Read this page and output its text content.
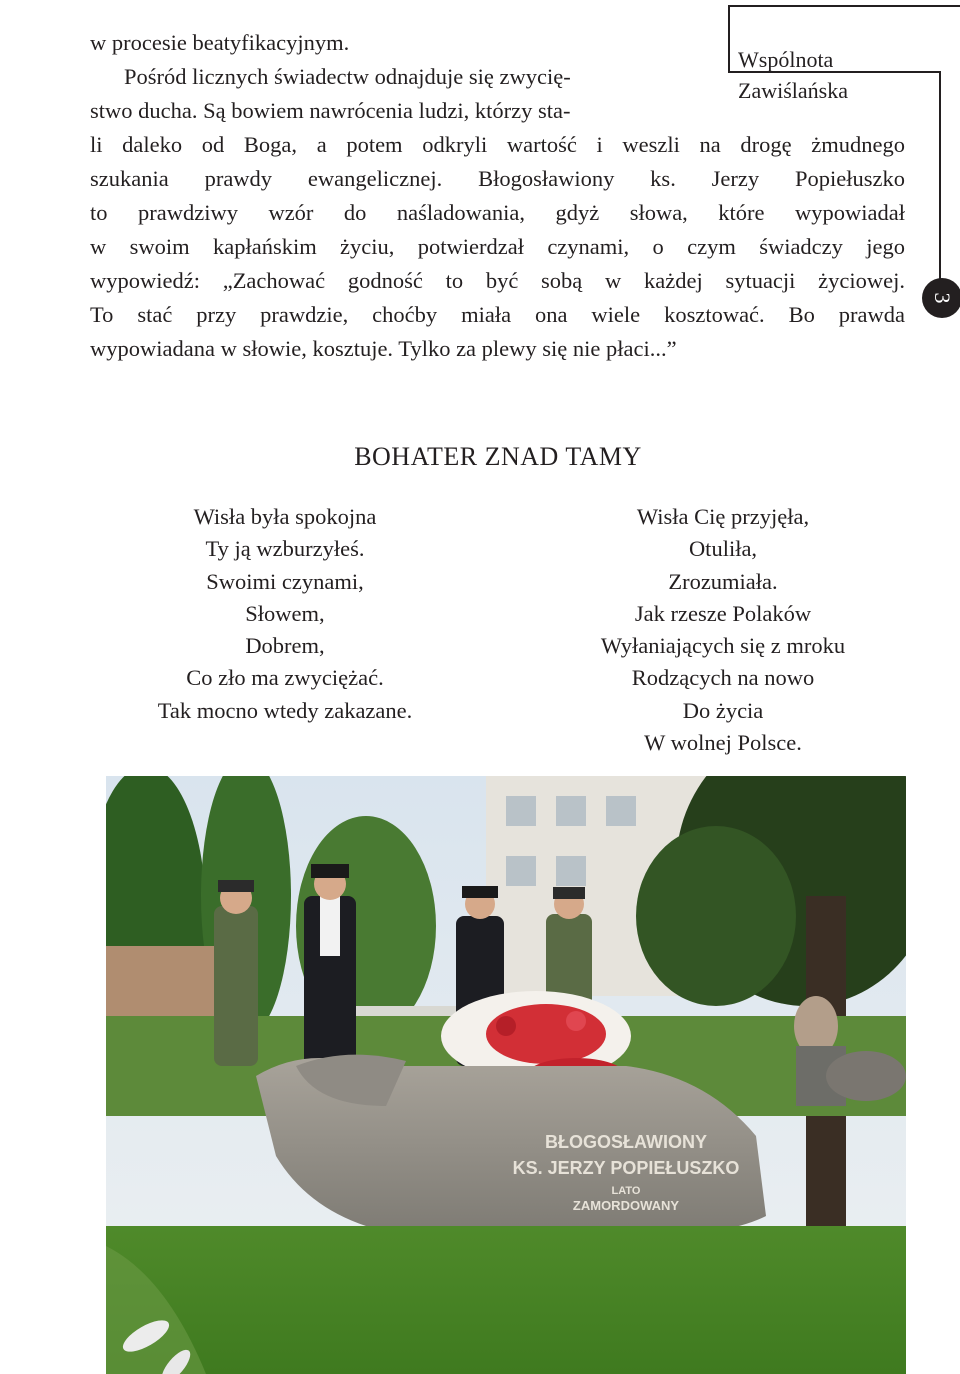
Wspólnota
Zawiślańska
3
w procesie beatyfikacyjnym.
Pośród licznych świadectw odnajduje się zwycię-
stwo ducha. Są bowiem nawrócenia ludzi, którzy sta-
li daleko od Boga, a potem odkryli wartość i weszli na drogę żmudnego
szukania prawdy ewangelicznej. Błogosławiony ks. Jerzy Popiełuszko
to prawdziwy wzór do naśladowania, gdyż słowa, które wypowiadał
w swoim kapłańskim życiu, potwierdzał czynami, o czym świadczy jego
wypowiedź: „Zachować godność to być sobą w każdej sytuacji życiowej.
To stać przy prawdzie, choćby miała ona wiele kosztować. Bo prawda
wypowiadana w słowie, kosztuje. Tylko za plewy się nie płaci...”
BOHATER ZNAD TAMY
Wisła była spokojna
Ty ją wzburzyłeś.
Swoimi czynami,
Słowem,
Dobrem,
Co zło ma zwyciężać.
Tak mocno wtedy zakazane.
Wisła Cię przyjęła,
Otuliła,
Zrozumiała.
Jak rzesze Polaków
Wyłaniających się z mroku
Rodzących na nowo
Do życia
W wolnej Polsce.
BŁOGOSŁAWIONY
KS. JERZY POPIEŁUSZKO
LATO
ZAMORDOWANY
